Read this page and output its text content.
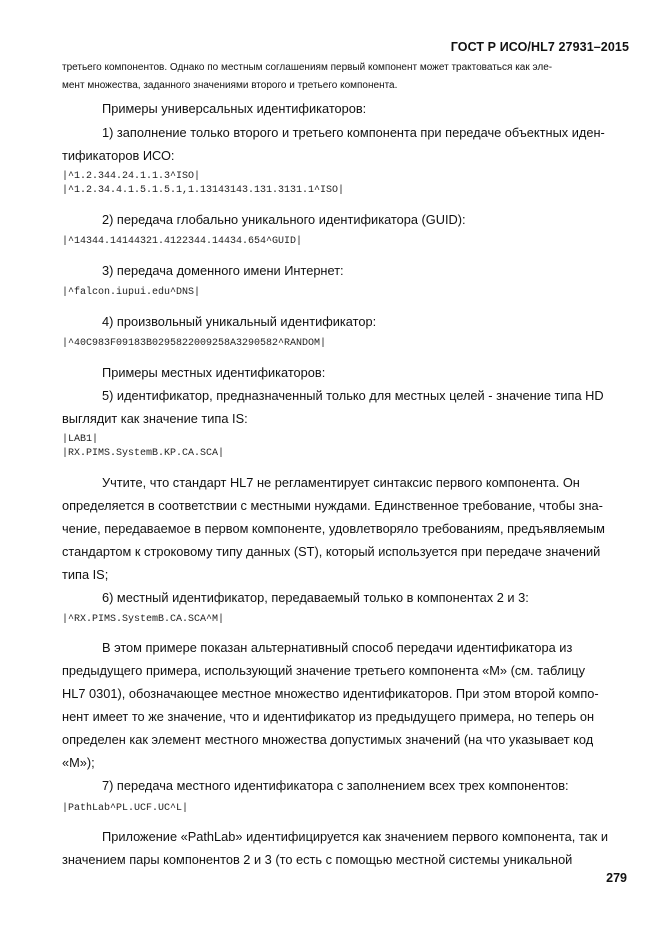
ГОСТ Р ИСО/HL7 27931–2015
третьего компонентов. Однако по местным соглашениям первый компонент может трактоваться как эле-
мент множества, заданного значениями второго и третьего компонента.
Примеры универсальных идентификаторов:
1) заполнение только второго и третьего компонента при передаче объектных иден-
тификаторов ИСО:
|^1.2.344.24.1.1.3^ISO|
|^1.2.34.4.1.5.1.5.1,1.13143143.131.3131.1^ISO|
2) передача глобально уникального идентификатора (GUID):
|^14344.14144321.4122344.14434.654^GUID|
3) передача доменного имени Интернет:
|^falcon.iupui.edu^DNS|
4) произвольный уникальный идентификатор:
|^40C983F09183B0295822009258A3290582^RANDOM|
Примеры местных идентификаторов:
5) идентификатор, предназначенный только для местных целей - значение типа HD
выглядит как значение типа IS:
|LAB1|
|RX.PIMS.SystemB.KP.CA.SCA|
Учтите, что стандарт HL7 не регламентирует синтаксис первого компонента. Он
определяется в соответствии с местными нуждами. Единственное требование, чтобы зна-
чение, передаваемое в первом компоненте, удовлетворяло требованиям, предъявляемым
стандартом к строковому типу данных (ST), который используется при передаче значений
типа IS;
6) местный идентификатор, передаваемый только в компонентах 2 и 3:
|^RX.PIMS.SystemB.CA.SCA^M|
В этом примере показан альтернативный способ передачи идентификатора из
предыдущего примера, использующий значение третьего компонента «M» (см. таблицу
HL7 0301), обозначающее местное множество идентификаторов. При этом второй компо-
нент имеет то же значение, что и идентификатор из предыдущего примера, но теперь он
определен как элемент местного множества допустимых значений (на что указывает код
«M»);
7) передача местного идентификатора с заполнением всех трех компонентов:
|PathLab^PL.UCF.UC^L|
Приложение «PathLab» идентифицируется как значением первого компонента, так и
значением пары компонентов 2 и 3 (то есть с помощью местной системы уникальной
279
